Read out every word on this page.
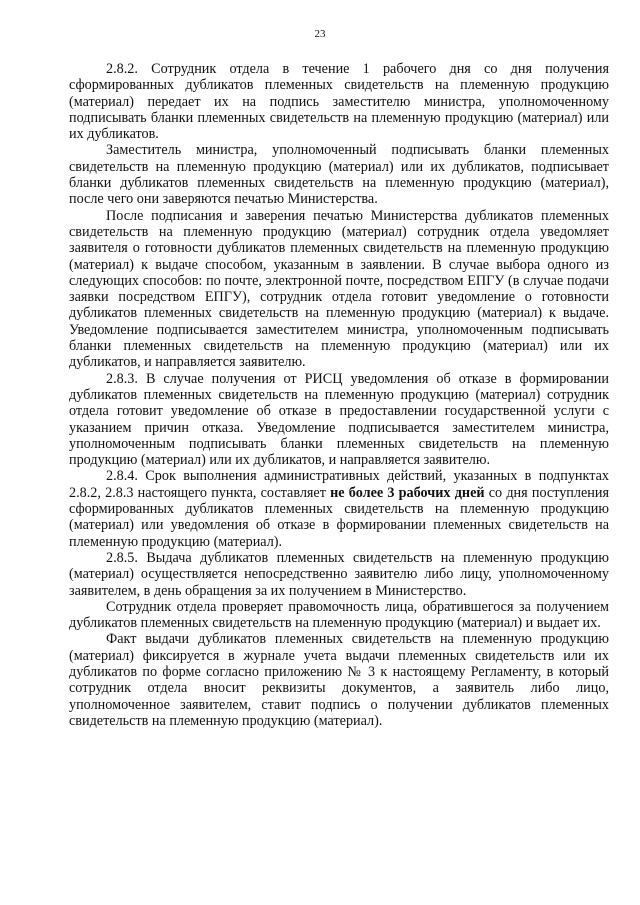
23

2.8.2. Сотрудник отдела в течение 1 рабочего дня со дня получения сформированных дубликатов племенных свидетельств на племенную продукцию (материал) передает их на подпись заместителю министра, уполномоченному подписывать бланки племенных свидетельств на племенную продукцию (материал) или их дубликатов.

Заместитель министра, уполномоченный подписывать бланки племенных свидетельств на племенную продукцию (материал) или их дубликатов, подписывает бланки дубликатов племенных свидетельств на племенную продукцию (материал), после чего они заверяются печатью Министерства.

После подписания и заверения печатью Министерства дубликатов племенных свидетельств на племенную продукцию (материал) сотрудник отдела уведомляет заявителя о готовности дубликатов племенных свидетельств на племенную продукцию (материал) к выдаче способом, указанным в заявлении. В случае выбора одного из следующих способов: по почте, электронной почте, посредством ЕПГУ (в случае подачи заявки посредством ЕПГУ), сотрудник отдела готовит уведомление о готовности дубликатов племенных свидетельств на племенную продукцию (материал) к выдаче. Уведомление подписывается заместителем министра, уполномоченным подписывать бланки племенных свидетельств на племенную продукцию (материал) или их дубликатов, и направляется заявителю.

2.8.3. В случае получения от РИСЦ уведомления об отказе в формировании дубликатов племенных свидетельств на племенную продукцию (материал) сотрудник отдела готовит уведомление об отказе в предоставлении государственной услуги с указанием причин отказа. Уведомление подписывается заместителем министра, уполномоченным подписывать бланки племенных свидетельств на племенную продукцию (материал) или их дубликатов, и направляется заявителю.

2.8.4. Срок выполнения административных действий, указанных в подпунктах 2.8.2, 2.8.3 настоящего пункта, составляет не более 3 рабочих дней со дня поступления сформированных дубликатов племенных свидетельств на племенную продукцию (материал) или уведомления об отказе в формировании племенных свидетельств на племенную продукцию (материал).

2.8.5. Выдача дубликатов племенных свидетельств на племенную продукцию (материал) осуществляется непосредственно заявителю либо лицу, уполномоченному заявителем, в день обращения за их получением в Министерство.

Сотрудник отдела проверяет правомочность лица, обратившегося за получением дубликатов племенных свидетельств на племенную продукцию (материал) и выдает их.

Факт выдачи дубликатов племенных свидетельств на племенную продукцию (материал) фиксируется в журнале учета выдачи племенных свидетельств или их дубликатов по форме согласно приложению № 3 к настоящему Регламенту, в который сотрудник отдела вносит реквизиты документов, а заявитель либо лицо, уполномоченное заявителем, ставит подпись о получении дубликатов племенных свидетельств на племенную продукцию (материал).
